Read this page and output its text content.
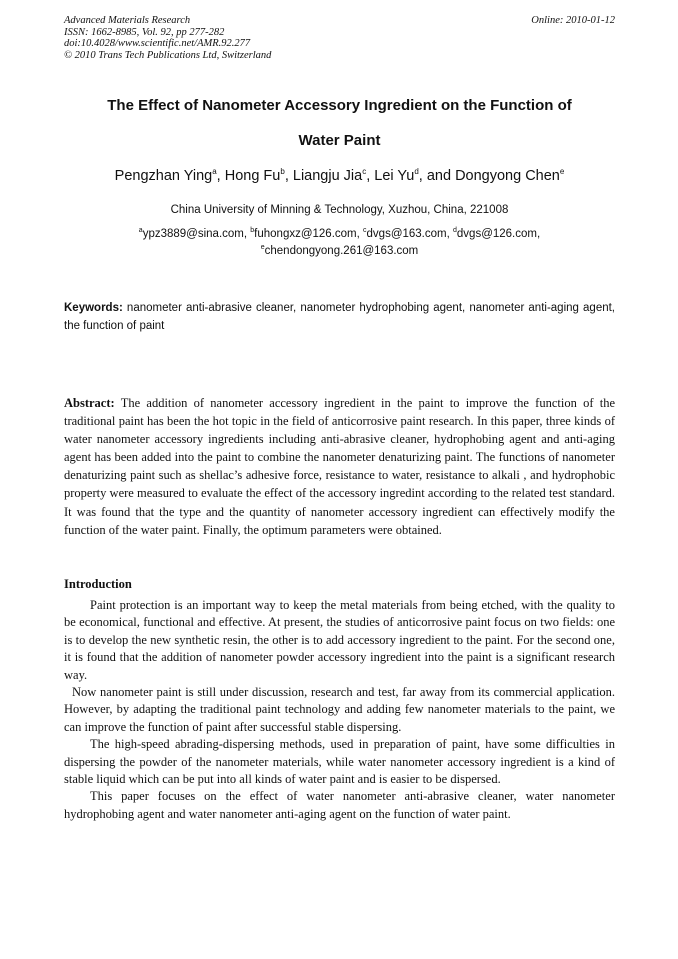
Advanced Materials Research
ISSN: 1662-8985, Vol. 92, pp 277-282
doi:10.4028/www.scientific.net/AMR.92.277
© 2010 Trans Tech Publications Ltd, Switzerland
Online: 2010-01-12
The Effect of Nanometer Accessory Ingredient on the Function of
Water Paint
Pengzhan Ying$^a$, Hong Fu$^b$, Liangju Jia$^c$, Lei Yu$^d$, and Dongyong Chen$^e$
China University of Minning & Technology, Xuzhou, China, 221008
$^a$ypz3889@sina.com, $^b$fuhongxz@126.com, $^c$dvgs@163.com, $^d$dvgs@126.com,
$^e$chendongyong.261@163.com
Keywords: nanometer anti-abrasive cleaner, nanometer hydrophobing agent, nanometer anti-aging agent, the function of paint
Abstract: The addition of nanometer accessory ingredient in the paint to improve the function of the traditional paint has been the hot topic in the field of anticorrosive paint research. In this paper, three kinds of water nanometer accessory ingredients including anti-abrasive cleaner, hydrophobing agent and anti-aging agent has been added into the paint to combine the nanometer denaturizing paint. The functions of nanometer denaturizing paint such as shellac’s adhesive force, resistance to water, resistance to alkali , and hydrophobic property were measured to evaluate the effect of the accessory ingredint according to the related test standard. It was found that the type and the quantity of nanometer accessory ingredient can effectively modify the function of the water paint. Finally, the optimum parameters were obtained.
Introduction

Paint protection is an important way to keep the metal materials from being etched, with the quality to be economical, functional and effective. At present, the studies of anticorrosive paint focus on two fields: one is to develop the new synthetic resin, the other is to add accessory ingredient to the paint. For the second one, it is found that the addition of nanometer powder accessory ingredient into the paint is a significant research way.

Now nanometer paint is still under discussion, research and test, far away from its commercial application. However, by adapting the traditional paint technology and adding few nanometer materials to the paint, we can improve the function of paint after successful stable dispersing.

The high-speed abrading-dispersing methods, used in preparation of paint, have some difficulties in dispersing the powder of the nanometer materials, while water nanometer accessory ingredient is a kind of stable liquid which can be put into all kinds of water paint and is easier to be dispersed.

This paper focuses on the effect of water nanometer anti-abrasive cleaner, water nanometer hydrophobing agent and water nanometer anti-aging agent on the function of water paint.
